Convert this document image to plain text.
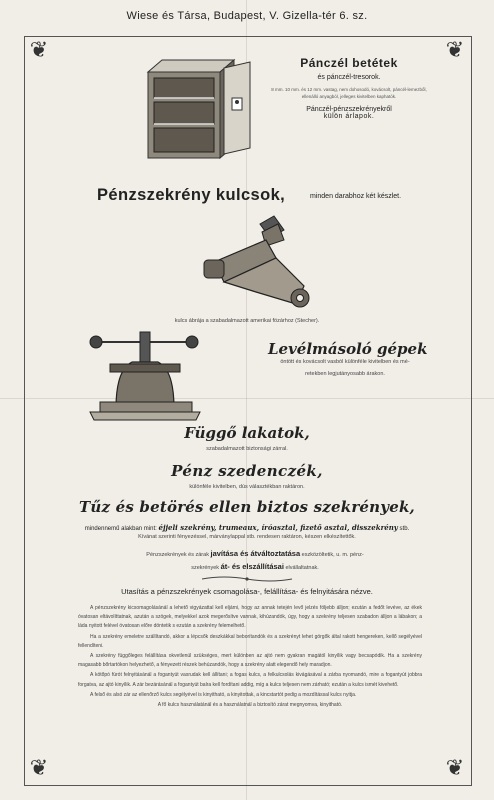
❦	❦
❦	❦
Wiese és Társa, Budapest, V. Gizella-tér 6. sz.
Pánczél betétek
és pánczél-tresorok.
8 mm. 10 mm. és 12 mm. vastag, nem dohosodó, kovácsolt, páncél-lemezből, ellenálló anyagból, jelleges kivitelben kaphatók.
Pánczél-pénzszekrényekről
külön árlapok.
Pénzszekrény kulcsok,	minden darabhoz két készlet.
kulcs ábrája a szabadalmazott amerikai fözárhoz (Stecher).
Levélmásoló gépek
öntött és kovácsolt vasból különféle kivitelben és mé-
retekben legjutányosabb árakon.
Függő lakatok,
szabadalmazott biztonsági zárral.
Pénz szedenczék,
különféle kivitelben, dús választékban raktáron.
Tűz és betörés ellen biztos szekrények,
mindennemű alakban mint: éjjeli szekrény, trumeaux, íróasztal, fizető asztal, disszekrény stb.
Kívánat szerinti fényezéssel, márványlappal stb. rendesen raktáron, készen elkészítettők.
Pénzszekrények és zárak javítása és átváltoztatása eszközöltetik, u. m. pénz-
szekrények át- és elszállításai elvállaltatnak.
Utasítás a pénzszekrények csomagolása-, felállítása- és felnyitására nézve.

A pénzszekrény kicsomagolásánál a lehető vigyázattal kell eljárni, hogy az annak tetején levő jelzés följebb álljon; ezután a fedőt levéve, az ékek óvatosan eltávolíttatnak, azután a szögek, melyekkel azok megerősítve vannak, kihúzandók, úgy, hogy a szekrény teljesen szabadon álljon a lábakon; a láda nyitott felével óvatosan előre döntetik s ezután a szekrény felemelhető.

Ha a szekrény emeletre szállítandó, akkor a lépcsők deszkákkal beborítandók és a szekrényt lehet görgők által rakott hengereken, kellő segélyével fellendíteni.

A szekrény függőleges felállítása okvetlenül szükséges, mert különben az ajtó nem gyakran magától kinyílik vagy becsapódik. Ha a szekrény magasabb bőrtartókon helyezhető, a fényezett részek behúzandók, hogy a szekrény alatt elegendő hely maradjon.

A kötőpó fúrót felnyitásánál a fogantyút vasrudak kell állítani; a fogas kulcs, a felkulcsolás kivágásával a zárba nyomandó, mire a fogantyút jobbra forgatva, az ajtó kinyílik. A zár bezárásánál a fogantyút balra kell fordítani addig, míg a kulcs teljesen nem zárható; ezután a kulcs ismét kivehető.

A felső és alsó zár az ellenőrző kulcs segélyével is kinyitható, a kinyitottak, a kincstartót pedig a mozdítással kulcs nyitja.

A fő kulcs használatánál és a használatnál a biztosító zárat megnyomva, kinyitható.
